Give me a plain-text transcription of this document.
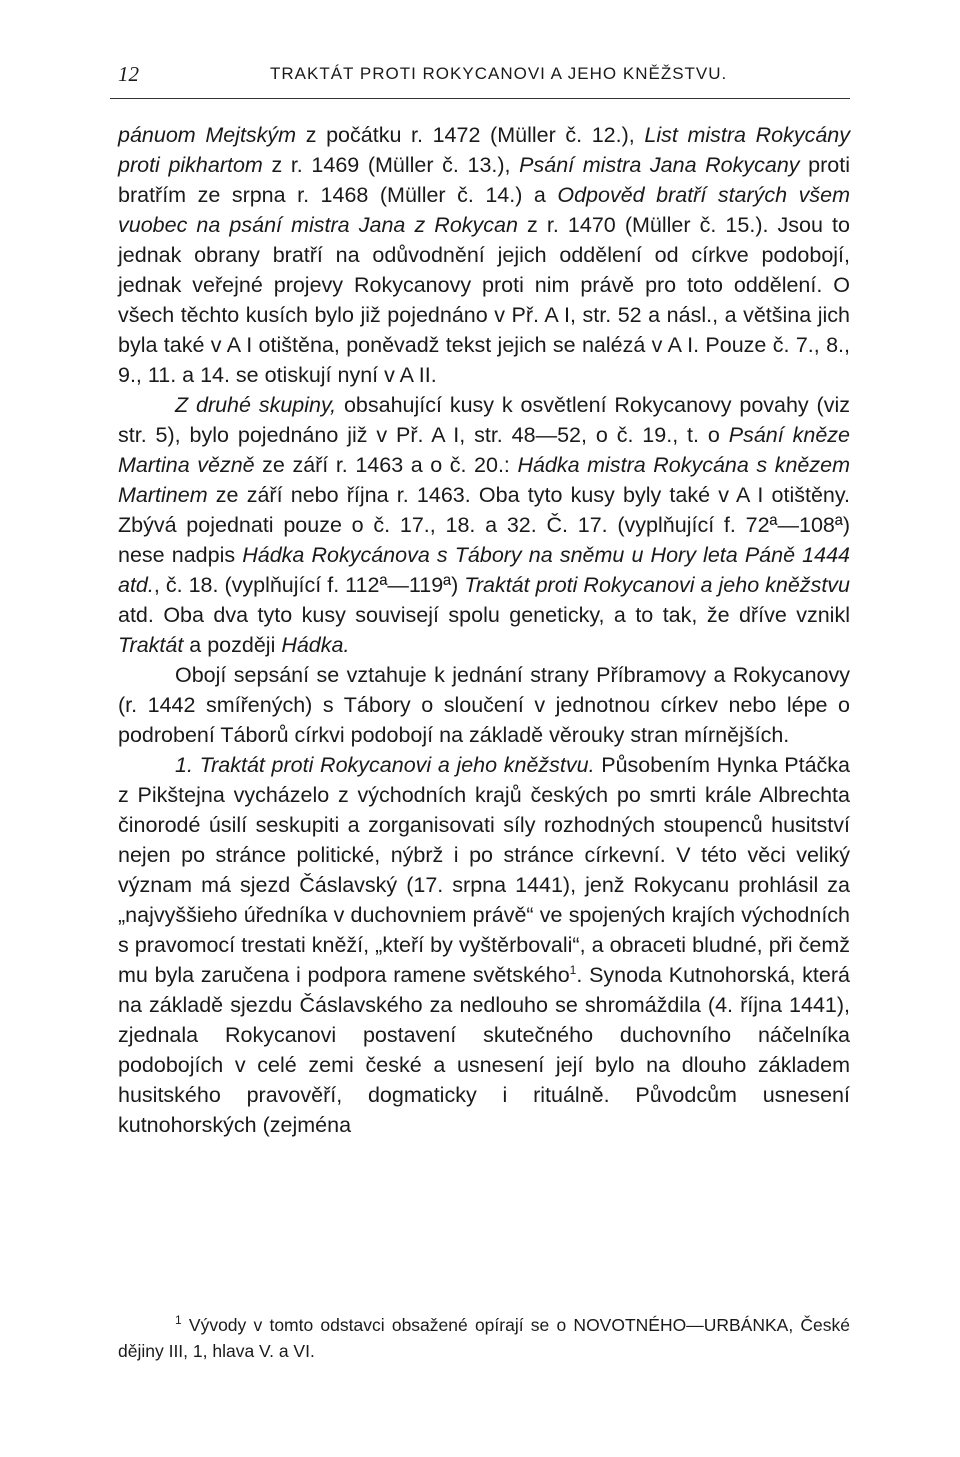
12	TRAKTÁT PROTI ROKYCANOVI A JEHO KNĚŽSTVU.

pánuom Mejtským z počátku r. 1472 (Müller č. 12.), List mistra Rokycány proti pikhartom z r. 1469 (Müller č. 13.), Psání mistra Jana Rokycany proti bratřím ze srpna r. 1468 (Müller č. 14.) a Odpověd bratří starých všem vuobec na psání mistra Jana z Rokycan z r. 1470 (Müller č. 15.). Jsou to jednak obrany bratří na odůvodnění jejich oddělení od církve podobojí, jednak veřejné projevy Rokycanovy proti nim právě pro toto oddělení. O všech těchto kusích bylo již pojednáno v Př. A I, str. 52 a násl., a většina jich byla také v A I otištěna, poněvadž tekst jejich se nalézá v A I. Pouze č. 7., 8., 9., 11. a 14. se otiskují nyní v A II.

Z druhé skupiny, obsahující kusy k osvětlení Rokycanovy povahy (viz str. 5), bylo pojednáno již v Př. A I, str. 48—52, o č. 19., t. o Psání kněze Martina vězně ze září r. 1463 a o č. 20.: Hádka mistra Rokycána s knězem Martinem ze září nebo října r. 1463. Oba tyto kusy byly také v A I otištěny. Zbývá pojednati pouze o č. 17., 18. a 32. Č. 17. (vyplňující f. 72ª—108ª) nese nadpis Hádka Rokycánova s Tábory na sněmu u Hory leta Páně 1444 atd., č. 18. (vyplňující f. 112ª—119ª) Traktát proti Rokycanovi a jeho kněžstvu atd. Oba dva tyto kusy souvisejí spolu geneticky, a to tak, že dříve vznikl Traktát a později Hádka.

Obojí sepsání se vztahuje k jednání strany Příbramovy a Rokycanovy (r. 1442 smířených) s Tábory o sloučení v jednotnou církev nebo lépe o podrobení Táborů církvi podobojí na základě věrouky stran mírnějších.

1. Traktát proti Rokycanovi a jeho kněžstvu. Působením Hynka Ptáčka z Pikštejna vycházelo z východních krajů českých po smrti krále Albrechta činorodé úsilí seskupiti a zorganisovati síly rozhodných stoupenců husitství nejen po stránce politické, nýbrž i po stránce církevní. V této věci veliký význam má sjezd Čáslavský (17. srpna 1441), jenž Rokycanu prohlásil za „najvyššieho úředníka v duchovniem právě“ ve spojených krajích východních s pravomocí trestati kněží, „kteří by vyštěrbovali“, a obraceti bludné, při čemž mu byla zaručena i podpora ramene světského$^1$. Synoda Kutnohorská, která na základě sjezdu Čáslavského za nedlouho se shromáždila (4. října 1441), zjednala Rokycanovi postavení skutečného duchovního náčelníka podobojích v celé zemi české a usnesení její bylo na dlouho základem husitského pravověří, dogmaticky i rituálně. Původcům usnesení kutnohorských (zejména

$^1$ Vývody v tomto odstavci obsažené opírají se o NOVOTNÉHO—URBÁNKA, České dějiny III, 1, hlava V. a VI.
